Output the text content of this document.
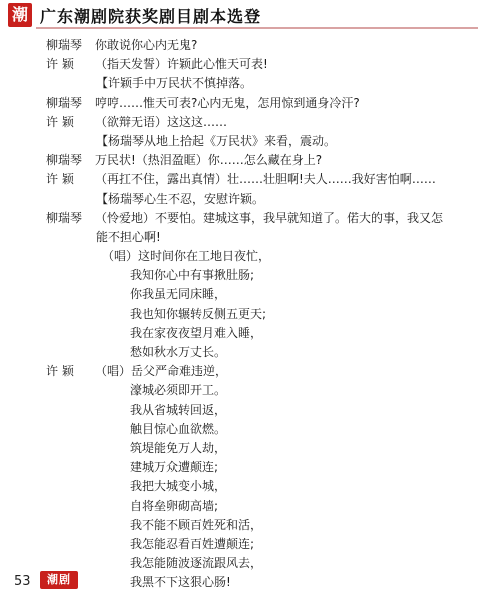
潮 广东潮剧院获奖剧目剧本选登
柳瑞琴 你敢说你心内无鬼?
许 颖 （指天发誓）许颖此心惟天可表!
【许颖手中万民状不慎掉落。
柳瑞琴 哼哼……惟天可表?心内无鬼，怎用惊到通身冷汗?
许 颖 （欲辩无语）这这这……
【杨瑞琴从地上拾起《万民状》来看，震动。
柳瑞琴 万民状!（热泪盈眶）你……怎么藏在身上?
许 颖 （再扛不住，露出真情）壮……壮胆啊!夫人……我好害怕啊……
【杨瑞琴心生不忍，安慰许颖。
柳瑞琴 （怜爱地）不要怕。建城这事，我早就知道了。偌大的事，我又怎
能不担心啊!
（唱）这时间你在工地日夜忙，
我知你心中有事揪肚肠;
你我虽无同床睡，
我也知你辗转反侧五更天;
我在家夜夜望月难入睡，
愁如秋水万丈长。
许 颖 （唱）岳父严命难违逆，
濠城必须即开工。
我从省城转回返，
触目惊心血欲燃。
筑堤能免万人劫，
建城万众遭颠连;
我把大城变小城，
自将垒卵砌高墙;
我不能不顾百姓死和活，
我怎能忍看百姓遭颠连;
我怎能随波逐流跟风去，
我黑不下这狠心肠!
53	潮剧
